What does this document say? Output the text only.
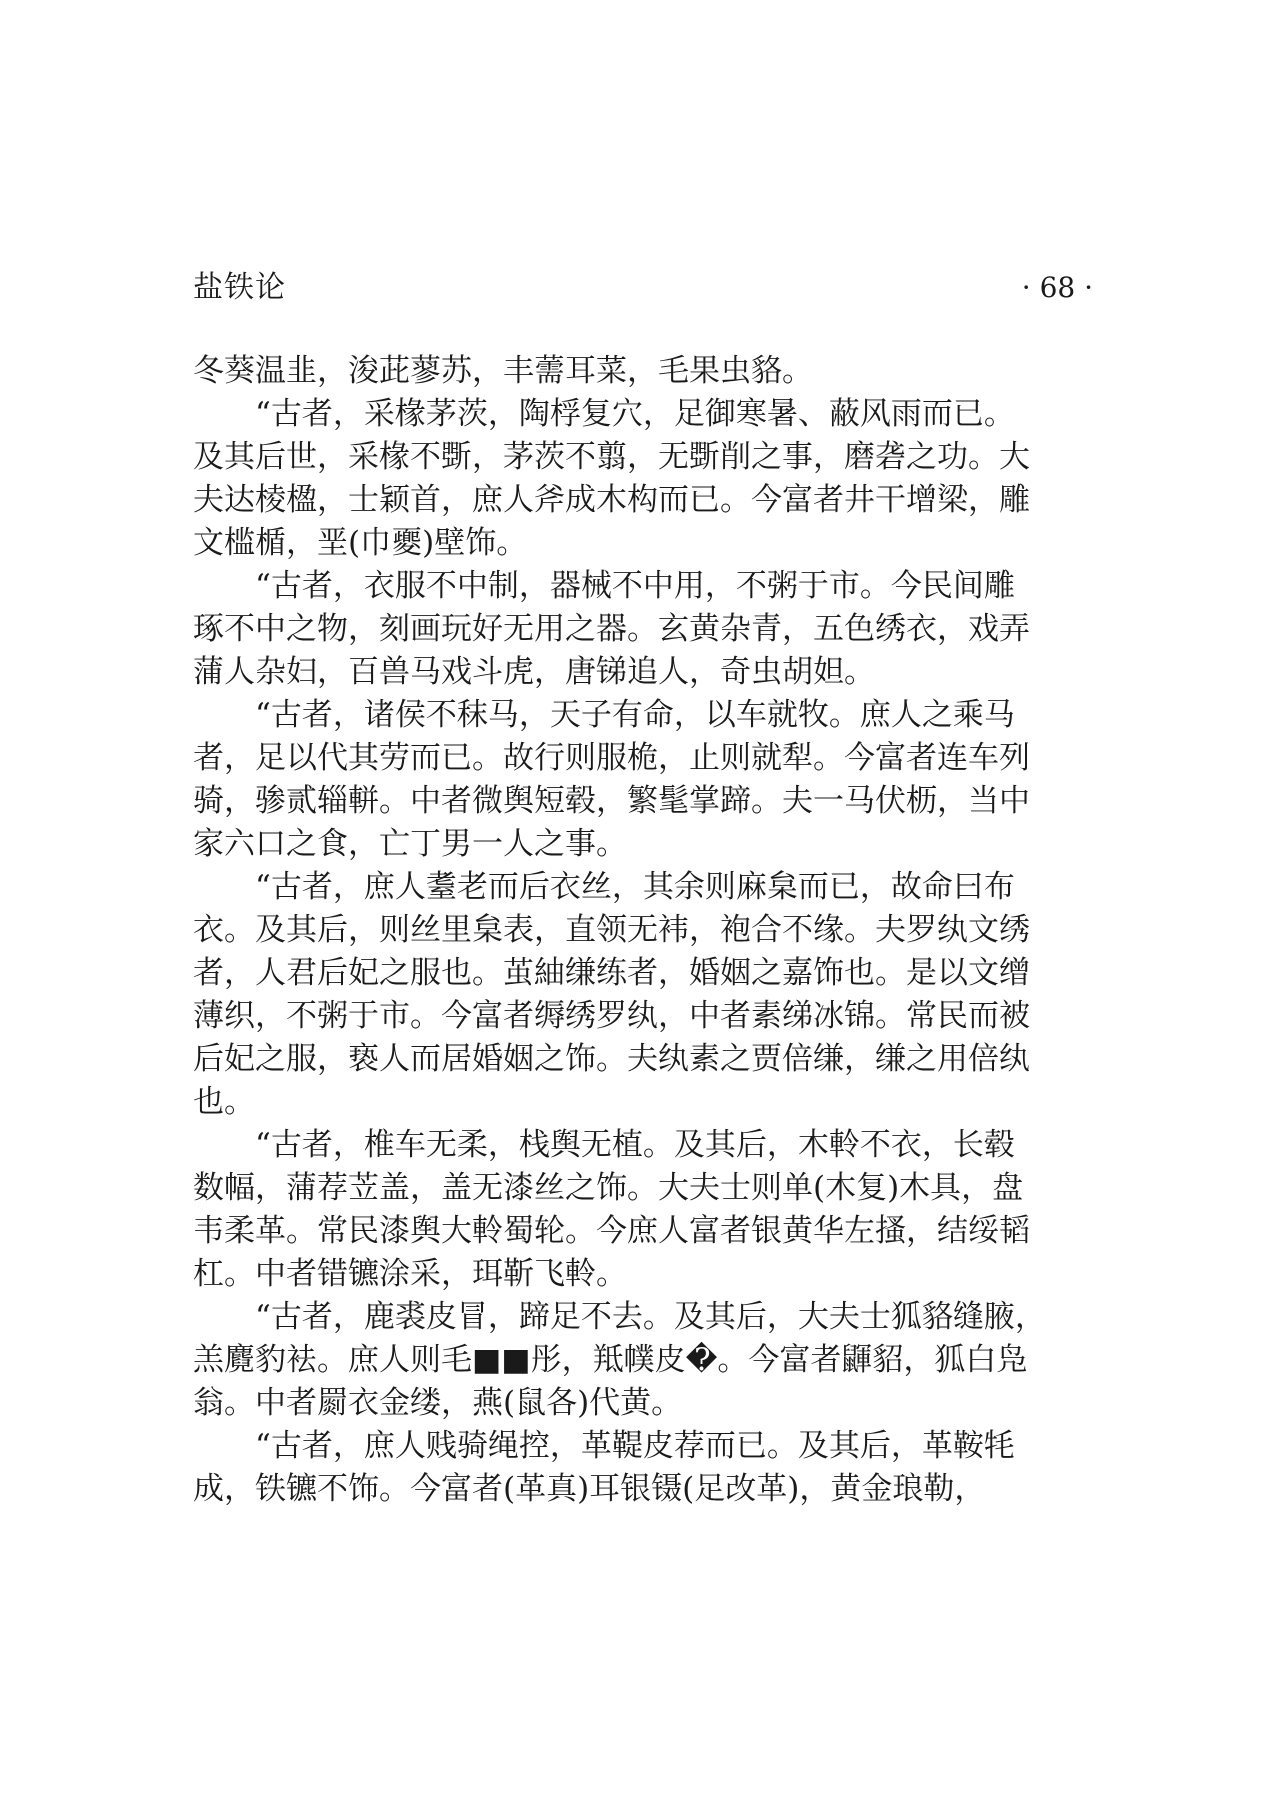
盐铁论	· 68 ·
冬葵温韭，浚茈蓼苏，丰薷耳菜，毛果虫貉。
“古者，采椽茅茨，陶桴复穴，足御寒暑、蔽风雨而已。
及其后世，采椽不斲，茅茨不翦，无斲削之事，磨砻之功。大
夫达棱楹，士颖首，庶人斧成木构而已。今富者井干增梁，雕
文槛楯，垩(巾夒)壁饰。
“古者，衣服不中制，器械不中用，不粥于市。今民间雕
琢不中之物，刻画玩好无用之器。玄黄杂青，五色绣衣，戏弄
蒲人杂妇，百兽马戏斗虎，唐锑追人，奇虫胡妲。
“古者，诸侯不秣马，天子有命，以车就牧。庶人之乘马
者，足以代其劳而已。故行则服桅，止则就犁。今富者连车列
骑，骖贰辎軿。中者微舆短毂，繁髦掌蹄。夫一马伏枥，当中
家六口之食，亡丁男一人之事。
“古者，庶人耋老而后衣丝，其余则麻枲而已，故命曰布
衣。及其后，则丝里枲表，直领无袆，袍合不缘。夫罗纨文绣
者，人君后妃之服也。茧紬缣练者，婚姻之嘉饰也。是以文缯
薄织，不粥于市。今富者缛绣罗纨，中者素绨冰锦。常民而被
后妃之服，亵人而居婚姻之饰。夫纨素之贾倍缣，缣之用倍纨
也。
“古者，椎车无柔，栈舆无植。及其后，木軨不衣，长毂
数幅，蒲荐苙盖，盖无漆丝之饰。大夫士则单(木复)木具，盘
韦柔革。常民漆舆大軨蜀轮。今庶人富者银黄华左搔，结绥韬
杠。中者错镳涂采，珥靳飞軨。
“古者，鹿裘皮冒，蹄足不去。及其后，大夫士狐貉缝腋，
羔麑豹袪。庶人则毛■■彤，羝幞皮�。今富者鼲貂，狐白凫
翁。中者罽衣金缕，燕(鼠各)代黄。
“古者，庶人贱骑绳控，革鞮皮荐而已。及其后，革鞍牦
成，铁镳不饰。今富者(革真)耳银镊(足改革)，黄金琅勒，
